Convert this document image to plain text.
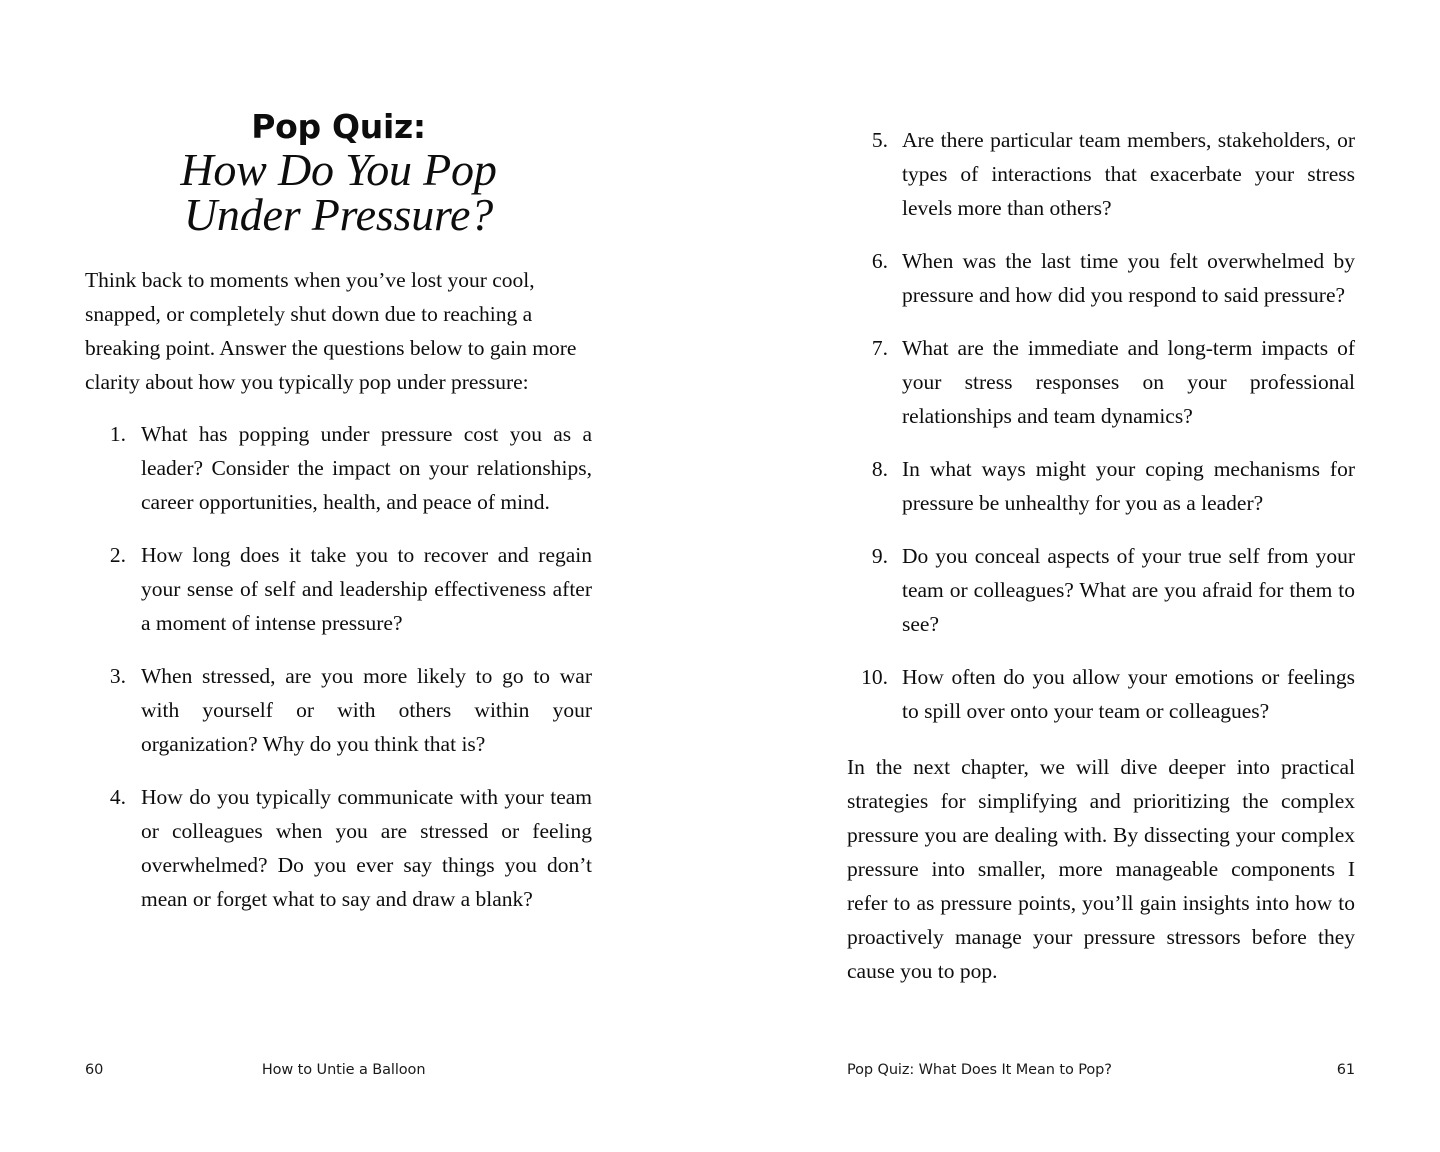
Pop Quiz:
How Do You Pop
Under Pressure?

Think back to moments when you’ve lost your cool, snapped, or completely shut down due to reaching a breaking point. Answer the questions below to gain more clarity about how you typically pop under pressure:

1. What has popping under pressure cost you as a leader? Consider the impact on your relationships, career opportunities, health, and peace of mind.
2. How long does it take you to recover and regain your sense of self and leadership effectiveness after a moment of intense pressure?
3. When stressed, are you more likely to go to war with yourself or with others within your organization? Why do you think that is?
4. How do you typically communicate with your team or colleagues when you are stressed or feeling overwhelmed? Do you ever say things you don’t mean or forget what to say and draw a blank?
60	How to Untie a Balloon
5. Are there particular team members, stakeholders, or types of interactions that exacerbate your stress levels more than others?
6. When was the last time you felt overwhelmed by pressure and how did you respond to said pressure?
7. What are the immediate and long-term impacts of your stress responses on your professional relationships and team dynamics?
8. In what ways might your coping mechanisms for pressure be unhealthy for you as a leader?
9. Do you conceal aspects of your true self from your team or colleagues? What are you afraid for them to see?
10. How often do you allow your emotions or feelings to spill over onto your team or colleagues?

In the next chapter, we will dive deeper into practical strategies for simplifying and prioritizing the complex pressure you are dealing with. By dissecting your complex pressure into smaller, more manageable components I refer to as pressure points, you’ll gain insights into how to proactively manage your pressure stressors before they cause you to pop.

Pop Quiz: What Does It Mean to Pop?	61
